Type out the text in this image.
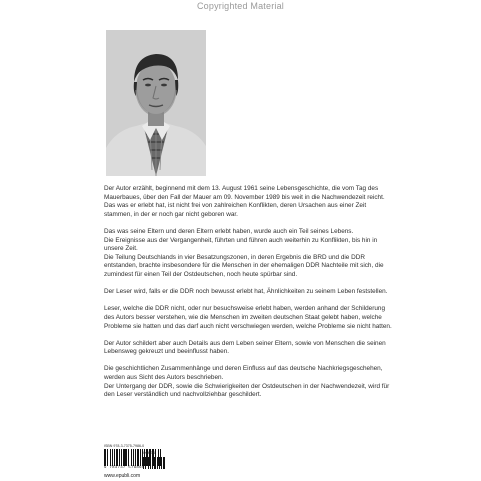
Copyrighted Material

Der Autor erzählt, beginnend mit dem 13. August 1961 seine Lebensgeschichte, die vom Tag des Mauerbaues, über den Fall der Mauer am 09. November 1989 bis weit in die Nachwendezeit reicht.
Das was er erlebt hat, ist nicht frei von zahlreichen Konflikten, deren Ursachen aus einer Zeit stammen, in der er noch gar nicht geboren war.

Das was seine Eltern und deren Eltern erlebt haben, wurde auch ein Teil seines Lebens.
Die Ereignisse aus der Vergangenheit, führten und führen auch weiterhin zu Konflikten, bis hin in unsere Zeit.
Die Teilung Deutschlands in vier Besatzungszonen, in deren Ergebnis die BRD und die DDR entstanden, brachte insbesondere für die Menschen in der ehemaligen DDR Nachteile mit sich, die zumindest für einen Teil der Ostdeutschen, noch heute spürbar sind.

Der Leser wird, falls er die DDR noch bewusst erlebt hat, Ähnlichkeiten zu seinem Leben feststellen.

Leser, welche die DDR nicht, oder nur besuchsweise erlebt haben, werden anhand der Schilderung des Autors besser verstehen, wie die Menschen im zweiten deutschen Staat gelebt haben, welche Probleme sie hatten und das darf auch nicht verschwiegen werden, welche Probleme sie nicht hatten.

Der Autor schildert aber auch Details aus dem Leben seiner Eltern, sowie von Menschen die seinen Lebensweg gekreuzt und beeinflusst haben.

Die geschichtlichen Zusammenhänge und deren Einfluss auf das deutsche Nachkriegsgeschehen, werden aus Sicht des Autors beschrieben.
Der Untergang der DDR, sowie die Schwierigkeiten der Ostdeutschen in der Nachwendezeit, wird für den Leser verständlich und nachvollziehbar geschildert.

ISBN 978-3-7375-7986-0
9 783737 579860
00006
www.epubli.com
